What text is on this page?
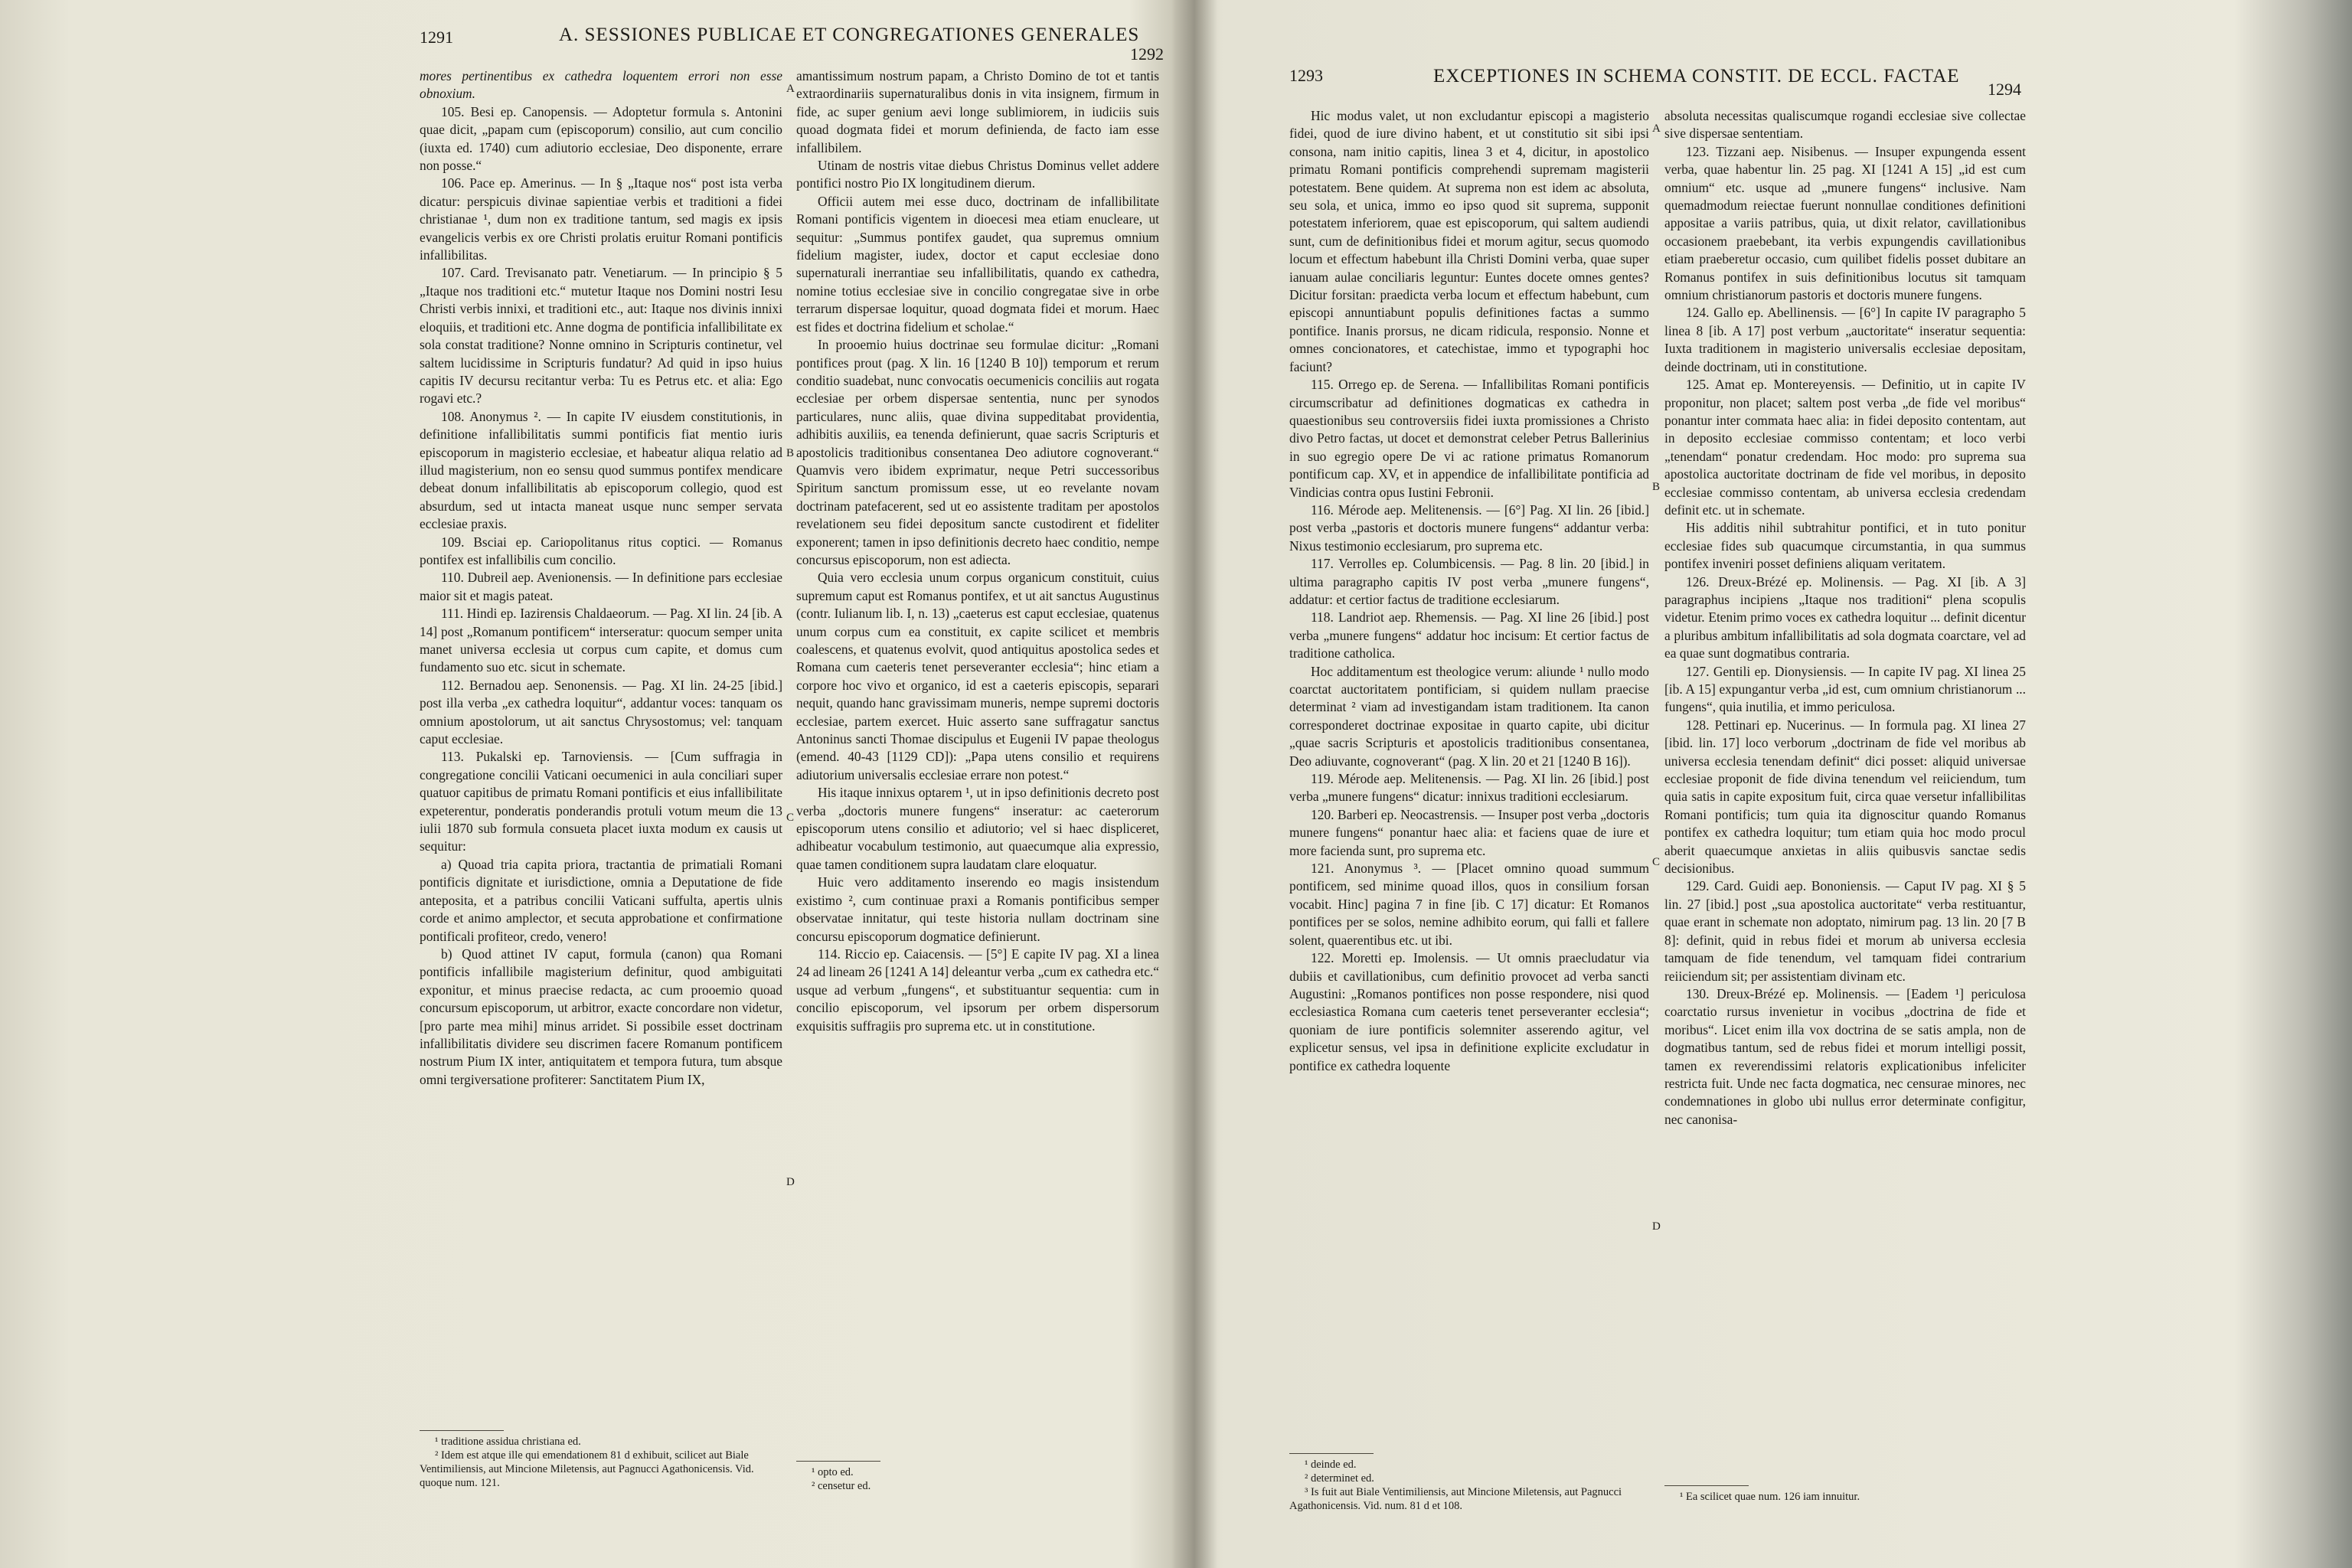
1291	A. SESSIONES PUBLICAE ET CONGREGATIONES GENERALES
1292

mores pertinentibus ex cathedra loquentem errori non esse obnoxium.

105. Besi ep. Canopensis. — Adoptetur formula s. Antonini quae dicit, „papam cum (episcoporum) consilio, aut cum concilio (iuxta ed. 1740) cum adiutorio ecclesiae, Deo disponente, errare non posse.“

106. Pace ep. Amerinus. — In § „Itaque nos“ post ista verba dicatur: perspicuis divinae sapientiae verbis et traditioni a fidei christianae ¹, dum non ex traditione tantum, sed magis ex ipsis evangelicis verbis ex ore Christi prolatis eruitur Romani pontificis infallibilitas.

107. Card. Trevisanato patr. Venetiarum. — In principio § 5 „Itaque nos traditioni etc.“ mutetur Itaque nos Domini nostri Iesu Christi verbis innixi, et traditioni etc., aut: Itaque nos divinis innixi eloquiis, et traditioni etc. Anne dogma de pontificia infallibilitate ex sola constat traditione? Nonne omnino in Scripturis continetur, vel saltem lucidissime in Scripturis fundatur? Ad quid in ipso huius capitis IV decursu recitantur verba: Tu es Petrus etc. et alia: Ego rogavi etc.?

108. Anonymus ². — In capite IV eiusdem constitutionis, in definitione infallibilitatis summi pontificis fiat mentio iuris episcoporum in magisterio ecclesiae, et habeatur aliqua relatio ad illud magisterium, non eo sensu quod summus pontifex mendicare debeat donum infallibilitatis ab episcoporum collegio, quod est absurdum, sed ut intacta maneat usque nunc semper servata ecclesiae praxis.

109. Bsciai ep. Cariopolitanus ritus coptici. — Romanus pontifex est infallibilis cum concilio.

110. Dubreil aep. Avenionensis. — In definitione pars ecclesiae maior sit et magis pateat.

111. Hindi ep. Iazirensis Chaldaeorum. — Pag. XI lin. 24 [ib. A 14] post „Romanum pontificem“ interseratur: quocum semper unita manet universa ecclesia ut corpus cum capite, et domus cum fundamento suo etc. sicut in schemate.

112. Bernadou aep. Senonensis. — Pag. XI lin. 24-25 [ibid.] post illa verba „ex cathedra loquitur“, addantur voces: tanquam os omnium apostolorum, ut ait sanctus Chrysostomus; vel: tanquam caput ecclesiae.

113. Pukalski ep. Tarnoviensis. — [Cum suffragia in congregatione concilii Vaticani oecumenici in aula conciliari super quatuor capitibus de primatu Romani pontificis et eius infallibilitate expeterentur, ponderatis ponderandis protuli votum meum die 13 iulii 1870 sub formula consueta placet iuxta modum ex causis ut sequitur:

a) Quoad tria capita priora, tractantia de primatiali Romani pontificis dignitate et iurisdictione, omnia a Deputatione de fide anteposita, et a patribus concilii Vaticani suffulta, apertis ulnis corde et animo amplector, et secuta approbatione et confirmatione pontificali profiteor, credo, venero!

b) Quod attinet IV caput, formula (canon) qua Romani pontificis infallibile magisterium definitur, quod ambiguitati exponitur, et minus praecise redacta, ac cum prooemio quoad concursum episcoporum, ut arbitror, exacte concordare non videtur, [pro parte mea mihi] minus arridet. Si possibile esset doctrinam infallibilitatis dividere seu discrimen facere Romanum pontificem nostrum Pium IX inter, antiquitatem et tempora futura, tum absque omni tergiversatione profiterer: Sanctitatem Pium IX,

¹ traditione assidua christiana ed.

² Idem est atque ille qui emendationem 81 d exhibuit, scilicet aut Biale Ventimiliensis, aut Mincione Miletensis, aut Pagnucci Agathonicensis. Vid. quoque num. 121.

A
B
C
D

amantissimum nostrum papam, a Christo Domino de tot et tantis extraordinariis supernaturalibus donis in vita insignem, firmum in fide, ac super genium aevi longe sublimiorem, in iudiciis suis quoad dogmata fidei et morum definienda, de facto iam esse infallibilem.

Utinam de nostris vitae diebus Christus Dominus vellet addere pontifici nostro Pio IX longitudinem dierum.

Officii autem mei esse duco, doctrinam de infallibilitate Romani pontificis vigentem in dioecesi mea etiam enucleare, ut sequitur: „Summus pontifex gaudet, qua supremus omnium fidelium magister, iudex, doctor et caput ecclesiae dono supernaturali inerrantiae seu infallibilitatis, quando ex cathedra, nomine totius ecclesiae sive in concilio congregatae sive in orbe terrarum dispersae loquitur, quoad dogmata fidei et morum. Haec est fides et doctrina fidelium et scholae.“

In prooemio huius doctrinae seu formulae dicitur: „Romani pontifices prout (pag. X lin. 16 [1240 B 10]) temporum et rerum conditio suadebat, nunc convocatis oecumenicis conciliis aut rogata ecclesiae per orbem dispersae sententia, nunc per synodos particulares, nunc aliis, quae divina suppeditabat providentia, adhibitis auxiliis, ea tenenda definierunt, quae sacris Scripturis et apostolicis traditionibus consentanea Deo adiutore cognoverant.“ Quamvis vero ibidem exprimatur, neque Petri successoribus Spiritum sanctum promissum esse, ut eo revelante novam doctrinam patefacerent, sed ut eo assistente traditam per apostolos revelationem seu fidei depositum sancte custodirent et fideliter exponerent; tamen in ipso definitionis decreto haec conditio, nempe concursus episcoporum, non est adiecta.

Quia vero ecclesia unum corpus organicum constituit, cuius supremum caput est Romanus pontifex, et ut ait sanctus Augustinus (contr. Iulianum lib. I, n. 13) „caeterus est caput ecclesiae, quatenus unum corpus cum ea constituit, ex capite scilicet et membris coalescens, et quatenus evolvit, quod antiquitus apostolica sedes et Romana cum caeteris tenet perseveranter ecclesia“; hinc etiam a corpore hoc vivo et organico, id est a caeteris episcopis, separari nequit, quando hanc gravissimam muneris, nempe supremi doctoris ecclesiae, partem exercet. Huic asserto sane suffragatur sanctus Antoninus sancti Thomae discipulus et Eugenii IV papae theologus (emend. 40-43 [1129 CD]): „Papa utens consilio et requirens adiutorium universalis ecclesiae errare non potest.“

His itaque innixus optarem ¹, ut in ipso definitionis decreto post verba „doctoris munere fungens“ inseratur: ac caeterorum episcoporum utens consilio et adiutorio; vel si haec displiceret, adhibeatur vocabulum testimonio, aut quaecumque alia expressio, quae tamen conditionem supra laudatam clare eloquatur.

Huic vero additamento inserendo eo magis insistendum existimo ², cum continuae praxi a Romanis pontificibus semper observatae innitatur, qui teste historia nullam doctrinam sine concursu episcoporum dogmatice definierunt.

114. Riccio ep. Caiacensis. — [5°] E capite IV pag. XI a linea 24 ad lineam 26 [1241 A 14] deleantur verba „cum ex cathedra etc.“ usque ad verbum „fungens“, et substituantur sequentia: cum in concilio episcoporum, vel ipsorum per orbem dispersorum exquisitis suffragiis pro suprema etc. ut in constitutione.

¹ opto ed.

² censetur ed.

1293	EXCEPTIONES IN SCHEMA CONSTIT. DE ECCL. FACTAE
1294

Hic modus valet, ut non excludantur episcopi a magisterio fidei, quod de iure divino habent, et ut constitutio sit sibi ipsi consona, nam initio capitis, linea 3 et 4, dicitur, in apostolico primatu Romani pontificis comprehendi supremam magisterii potestatem. Bene quidem. At suprema non est idem ac absoluta, seu sola, et unica, immo eo ipso quod sit suprema, supponit potestatem inferiorem, quae est episcoporum, qui saltem audiendi sunt, cum de definitionibus fidei et morum agitur, secus quomodo locum et effectum habebunt illa Christi Domini verba, quae super ianuam aulae conciliaris leguntur: Euntes docete omnes gentes? Dicitur forsitan: praedicta verba locum et effectum habebunt, cum episcopi annuntiabunt populis definitiones factas a summo pontifice. Inanis prorsus, ne dicam ridicula, responsio. Nonne et omnes concionatores, et catechistae, immo et typographi hoc faciunt?

115. Orrego ep. de Serena. — Infallibilitas Romani pontificis circumscribatur ad definitiones dogmaticas ex cathedra in quaestionibus seu controversiis fidei iuxta promissiones a Christo divo Petro factas, ut docet et demonstrat celeber Petrus Ballerinius in suo egregio opere De vi ac ratione primatus Romanorum pontificum cap. XV, et in appendice de infallibilitate pontificia ad Vindicias contra opus Iustini Febronii.

116. Mérode aep. Melitenensis. — [6°] Pag. XI lin. 26 [ibid.] post verba „pastoris et doctoris munere fungens“ addantur verba: Nixus testimonio ecclesiarum, pro suprema etc.

117. Verrolles ep. Columbicensis. — Pag. 8 lin. 20 [ibid.] in ultima paragrapho capitis IV post verba „munere fungens“, addatur: et certior factus de traditione ecclesiarum.

118. Landriot aep. Rhemensis. — Pag. XI line 26 [ibid.] post verba „munere fungens“ addatur hoc incisum: Et certior factus de traditione catholica.

Hoc additamentum est theologice verum: aliunde ¹ nullo modo coarctat auctoritatem pontificiam, si quidem nullam praecise determinat ² viam ad investigandam istam traditionem. Ita canon corresponderet doctrinae expositae in quarto capite, ubi dicitur „quae sacris Scripturis et apostolicis traditionibus consentanea, Deo adiuvante, cognoverant“ (pag. X lin. 20 et 21 [1240 B 16]).

119. Mérode aep. Melitenensis. — Pag. XI lin. 26 [ibid.] post verba „munere fungens“ dicatur: innixus traditioni ecclesiarum.

120. Barberi ep. Neocastrensis. — Insuper post verba „doctoris munere fungens“ ponantur haec alia: et faciens quae de iure et more facienda sunt, pro suprema etc.

121. Anonymus ³. — [Placet omnino quoad summum pontificem, sed minime quoad illos, quos in consilium forsan vocabit. Hinc] pagina 7 in fine [ib. C 17] dicatur: Et Romanos pontifices per se solos, nemine adhibito eorum, qui falli et fallere solent, quaerentibus etc. ut ibi.

122. Moretti ep. Imolensis. — Ut omnis praecludatur via dubiis et cavillationibus, cum definitio provocet ad verba sancti Augustini: „Romanos pontifices non posse respondere, nisi quod ecclesiastica Romana cum caeteris tenet perseveranter ecclesia“; quoniam de iure pontificis solemniter asserendo agitur, vel explicetur sensus, vel ipsa in definitione explicite excludatur in pontifice ex cathedra loquente

¹ deinde ed.

² determinet ed.

³ Is fuit aut Biale Ventimiliensis, aut Mincione Miletensis, aut Pagnucci Agathonicensis. Vid. num. 81 d et 108.

A
B
C
D

absoluta necessitas qualiscumque rogandi ecclesiae sive collectae sive dispersae sententiam.

123. Tizzani aep. Nisibenus. — Insuper expungenda essent verba, quae habentur lin. 25 pag. XI [1241 A 15] „id est cum omnium“ etc. usque ad „munere fungens“ inclusive. Nam quemadmodum reiectae fuerunt nonnullae conditiones definitioni appositae a variis patribus, quia, ut dixit relator, cavillationibus occasionem praebebant, ita verbis expungendis cavillationibus etiam praeberetur occasio, cum quilibet fidelis posset dubitare an Romanus pontifex in suis definitionibus locutus sit tamquam omnium christianorum pastoris et doctoris munere fungens.

124. Gallo ep. Abellinensis. — [6°] In capite IV paragrapho 5 linea 8 [ib. A 17] post verbum „auctoritate“ inseratur sequentia: Iuxta traditionem in magisterio universalis ecclesiae depositam, deinde doctrinam, uti in constitutione.

125. Amat ep. Montereyensis. — Definitio, ut in capite IV proponitur, non placet; saltem post verba „de fide vel moribus“ ponantur inter commata haec alia: in fidei deposito contentam, aut in deposito ecclesiae commisso contentam; et loco verbi „tenendam“ ponatur credendam. Hoc modo: pro suprema sua apostolica auctoritate doctrinam de fide vel moribus, in deposito ecclesiae commisso contentam, ab universa ecclesia credendam definit etc. ut in schemate.

His additis nihil subtrahitur pontifici, et in tuto ponitur ecclesiae fides sub quacumque circumstantia, in qua summus pontifex inveniri posset definiens aliquam veritatem.

126. Dreux-Brézé ep. Molinensis. — Pag. XI [ib. A 3] paragraphus incipiens „Itaque nos traditioni“ plena scopulis videtur. Etenim primo voces ex cathedra loquitur ... definit dicentur a pluribus ambitum infallibilitatis ad sola dogmata coarctare, vel ad ea quae sunt dogmatibus contraria.

127. Gentili ep. Dionysiensis. — In capite IV pag. XI linea 25 [ib. A 15] expungantur verba „id est, cum omnium christianorum ... fungens“, quia inutilia, et immo periculosa.

128. Pettinari ep. Nucerinus. — In formula pag. XI linea 27 [ibid. lin. 17] loco verborum „doctrinam de fide vel moribus ab universa ecclesia tenendam definit“ dici posset: aliquid universae ecclesiae proponit de fide divina tenendum vel reiiciendum, tum quia satis in capite expositum fuit, circa quae versetur infallibilitas Romani pontificis; tum quia ita dignoscitur quando Romanus pontifex ex cathedra loquitur; tum etiam quia hoc modo procul aberit quaecumque anxietas in aliis quibusvis sanctae sedis decisionibus.

129. Card. Guidi aep. Bononiensis. — Caput IV pag. XI § 5 lin. 27 [ibid.] post „sua apostolica auctoritate“ verba restituantur, quae erant in schemate non adoptato, nimirum pag. 13 lin. 20 [7 B 8]: definit, quid in rebus fidei et morum ab universa ecclesia tamquam de fide tenendum, vel tamquam fidei contrarium reiiciendum sit; per assistentiam divinam etc.

130. Dreux-Brézé ep. Molinensis. — [Eadem ¹] periculosa coarctatio rursus invenietur in vocibus „doctrina de fide et moribus“. Licet enim illa vox doctrina de se satis ampla, non de dogmatibus tantum, sed de rebus fidei et morum intelligi possit, tamen ex reverendissimi relatoris explicationibus infeliciter restricta fuit. Unde nec facta dogmatica, nec censurae minores, nec condemnationes in globo ubi nullus error determinate configitur, nec canonisa-

¹ Ea scilicet quae num. 126 iam innuitur.
